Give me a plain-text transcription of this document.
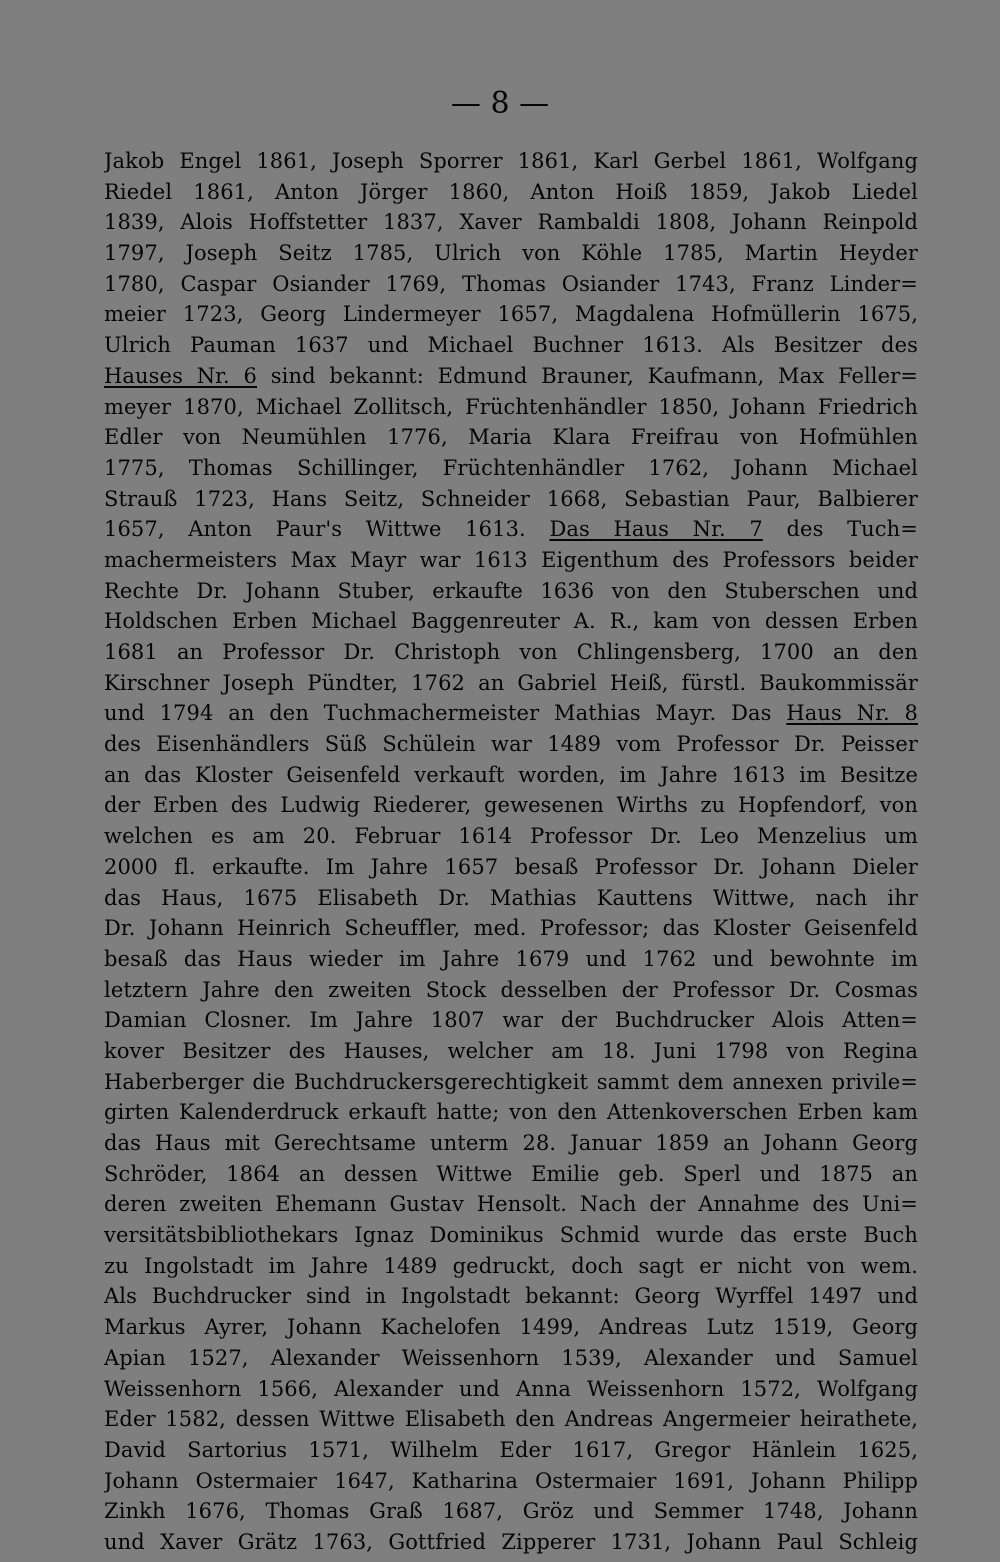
— 8 —
Jakob Engel 1861, Joseph Sporrer 1861, Karl Gerbel 1861, Wolfgang
Riedel 1861, Anton Jörger 1860, Anton Hoiß 1859, Jakob Liedel
1839, Alois Hoffstetter 1837, Xaver Rambaldi 1808, Johann Reinpold
1797, Joseph Seitz 1785, Ulrich von Köhle 1785, Martin Heyder
1780, Caspar Osiander 1769, Thomas Osiander 1743, Franz Linder=
meier 1723, Georg Lindermeyer 1657, Magdalena Hofmüllerin 1675,
Ulrich Pauman 1637 und Michael Buchner 1613. Als Besitzer des
Hauses Nr. 6 sind bekannt: Edmund Brauner, Kaufmann, Max Feller=
meyer 1870, Michael Zollitsch, Früchtenhändler 1850, Johann Friedrich
Edler von Neumühlen 1776, Maria Klara Freifrau von Hofmühlen
1775, Thomas Schillinger, Früchtenhändler 1762, Johann Michael
Strauß 1723, Hans Seitz, Schneider 1668, Sebastian Paur, Balbierer
1657, Anton Paur's Wittwe 1613. Das Haus Nr. 7 des Tuch=
machermeisters Max Mayr war 1613 Eigenthum des Professors beider
Rechte Dr. Johann Stuber, erkaufte 1636 von den Stuberschen und
Holdschen Erben Michael Baggenreuter A. R., kam von dessen Erben
1681 an Professor Dr. Christoph von Chlingensberg, 1700 an den
Kirschner Joseph Pündter, 1762 an Gabriel Heiß, fürstl. Baukommissär
und 1794 an den Tuchmachermeister Mathias Mayr. Das Haus Nr. 8
des Eisenhändlers Süß Schülein war 1489 vom Professor Dr. Peisser
an das Kloster Geisenfeld verkauft worden, im Jahre 1613 im Besitze
der Erben des Ludwig Riederer, gewesenen Wirths zu Hopfendorf, von
welchen es am 20. Februar 1614 Professor Dr. Leo Menzelius um
2000 fl. erkaufte. Im Jahre 1657 besaß Professor Dr. Johann Dieler
das Haus, 1675 Elisabeth Dr. Mathias Kauttens Wittwe, nach ihr
Dr. Johann Heinrich Scheuffler, med. Professor; das Kloster Geisenfeld
besaß das Haus wieder im Jahre 1679 und 1762 und bewohnte im
letztern Jahre den zweiten Stock desselben der Professor Dr. Cosmas
Damian Closner. Im Jahre 1807 war der Buchdrucker Alois Atten=
kover Besitzer des Hauses, welcher am 18. Juni 1798 von Regina
Haberberger die Buchdruckersgerechtigkeit sammt dem annexen privile=
girten Kalenderdruck erkauft hatte; von den Attenkoverschen Erben kam
das Haus mit Gerechtsame unterm 28. Januar 1859 an Johann Georg
Schröder, 1864 an dessen Wittwe Emilie geb. Sperl und 1875 an
deren zweiten Ehemann Gustav Hensolt. Nach der Annahme des Uni=
versitätsbibliothekars Ignaz Dominikus Schmid wurde das erste Buch
zu Ingolstadt im Jahre 1489 gedruckt, doch sagt er nicht von wem.
Als Buchdrucker sind in Ingolstadt bekannt: Georg Wyrffel 1497 und
Markus Ayrer, Johann Kachelofen 1499, Andreas Lutz 1519, Georg
Apian 1527, Alexander Weissenhorn 1539, Alexander und Samuel
Weissenhorn 1566, Alexander und Anna Weissenhorn 1572, Wolfgang
Eder 1582, dessen Wittwe Elisabeth den Andreas Angermeier heirathete,
David Sartorius 1571, Wilhelm Eder 1617, Gregor Hänlein 1625,
Johann Ostermaier 1647, Katharina Ostermaier 1691, Johann Philipp
Zinkh 1676, Thomas Graß 1687, Gröz und Semmer 1748, Johann
und Xaver Grätz 1763, Gottfried Zipperer 1731, Johann Paul Schleig
